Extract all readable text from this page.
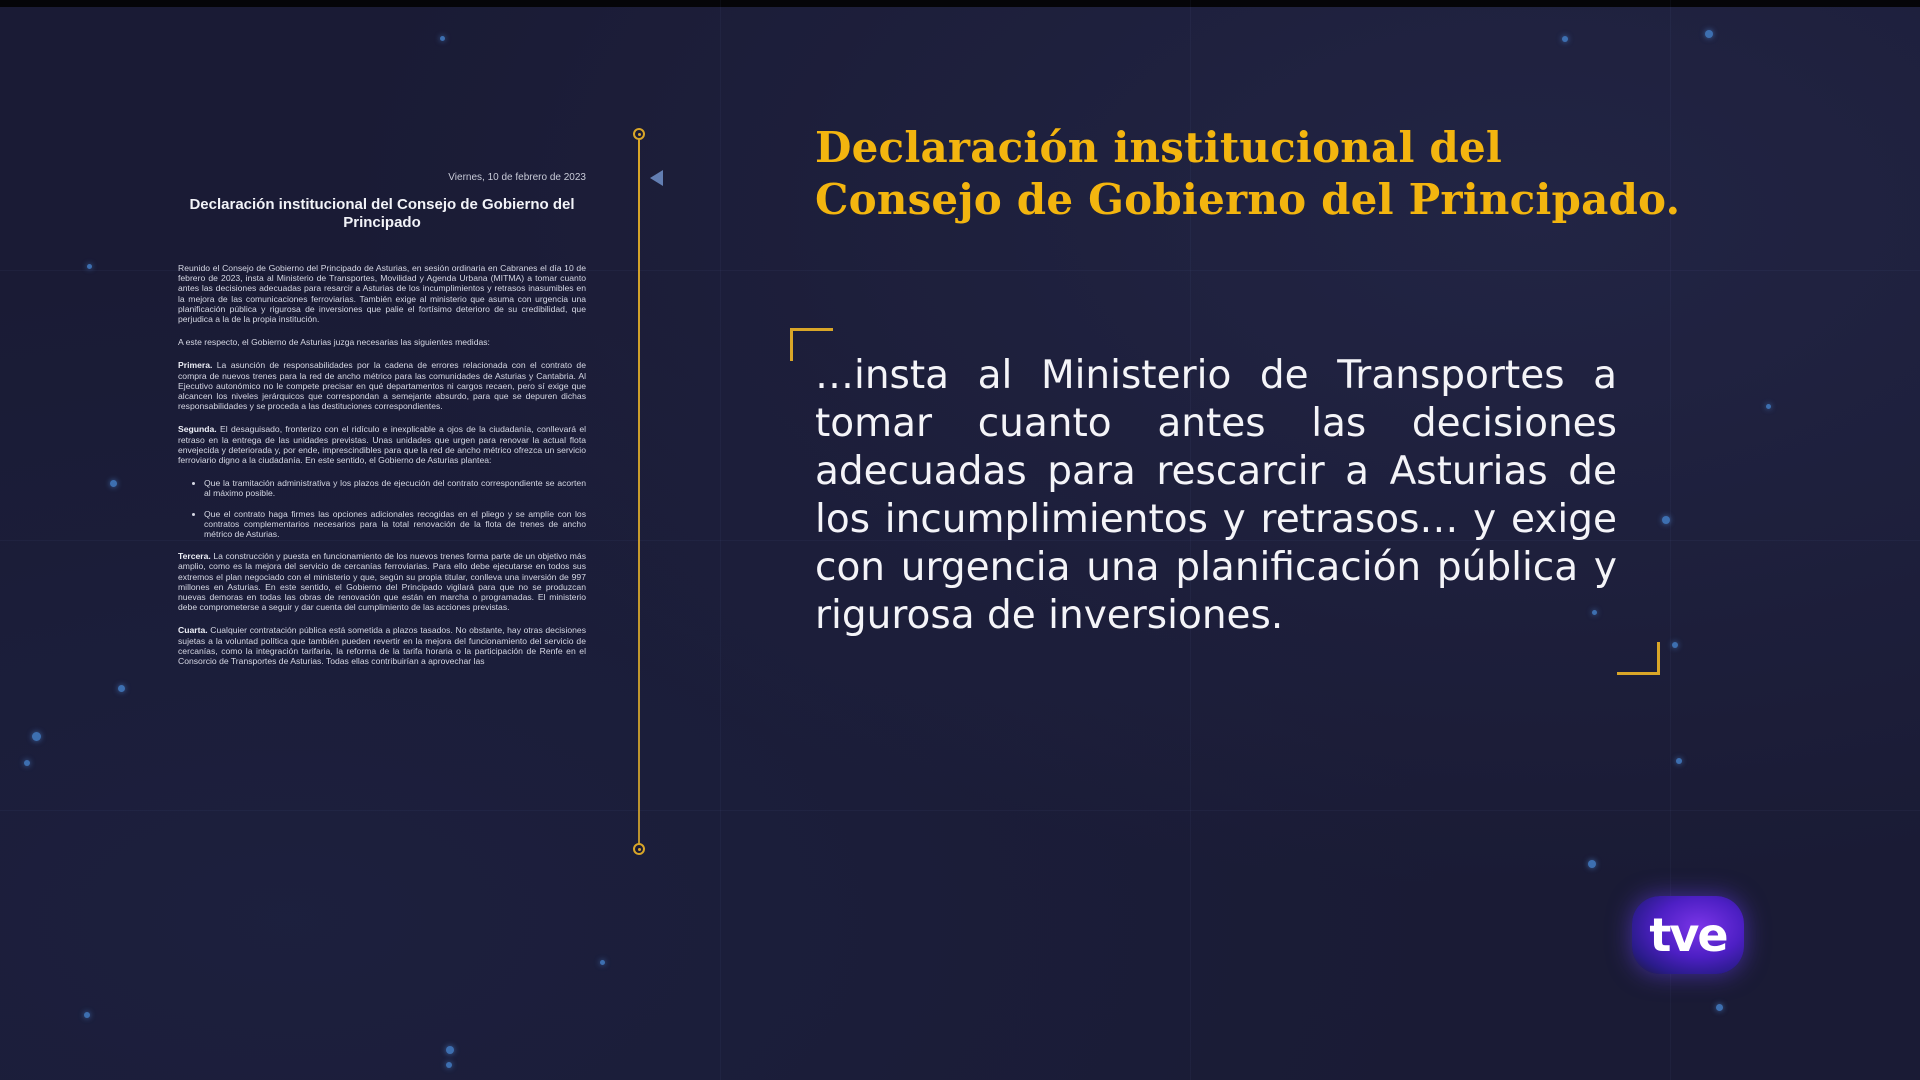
Viernes, 10 de febrero de 2023
Declaración institucional del Consejo de Gobierno del Principado

Reunido el Consejo de Gobierno del Principado de Asturias, en sesión ordinaria en Cabranes el día 10 de febrero de 2023, insta al Ministerio de Transportes, Movilidad y Agenda Urbana (MITMA) a tomar cuanto antes las decisiones adecuadas para resarcir a Asturias de los incumplimientos y retrasos inasumibles en la mejora de las comunicaciones ferroviarias. También exige al ministerio que asuma con urgencia una planificación pública y rigurosa de inversiones que palie el fortísimo deterioro de su credibilidad, que perjudica a la de la propia institución.

A este respecto, el Gobierno de Asturias juzga necesarias las siguientes medidas:

Primera. La asunción de responsabilidades por la cadena de errores relacionada con el contrato de compra de nuevos trenes para la red de ancho métrico para las comunidades de Asturias y Cantabria. Al Ejecutivo autonómico no le compete precisar en qué departamentos ni cargos recaen, pero sí exige que alcancen los niveles jerárquicos que correspondan a semejante absurdo, para que se depuren dichas responsabilidades y se proceda a las destituciones correspondientes.

Segunda. El desaguisado, fronterizo con el ridículo e inexplicable a ojos de la ciudadanía, conllevará el retraso en la entrega de las unidades previstas. Unas unidades que urgen para renovar la actual flota envejecida y deteriorada y, por ende, imprescindibles para que la red de ancho métrico ofrezca un servicio ferroviario digno a la ciudadanía. En este sentido, el Gobierno de Asturias plantea:

• Que la tramitación administrativa y los plazos de ejecución del contrato correspondiente se acorten al máximo posible.
• Que el contrato haga firmes las opciones adicionales recogidas en el pliego y se amplíe con los contratos complementarios necesarios para la total renovación de la flota de trenes de ancho métrico de Asturias.

Tercera. La construcción y puesta en funcionamiento de los nuevos trenes forma parte de un objetivo más amplio, como es la mejora del servicio de cercanías ferroviarias. Para ello debe ejecutarse en todos sus extremos el plan negociado con el ministerio y que, según su propia titular, conlleva una inversión de 997 millones en Asturias. En este sentido, el Gobierno del Principado vigilará para que no se produzcan nuevas demoras en todas las obras de renovación que están en marcha o programadas. El ministerio debe comprometerse a seguir y dar cuenta del cumplimiento de las acciones previstas.

Cuarta. Cualquier contratación pública está sometida a plazos tasados. No obstante, hay otras decisiones sujetas a la voluntad política que también pueden revertir en la mejora del funcionamiento del servicio de cercanías, como la integración tarifaria, la reforma de la tarifa horaria o la participación de Renfe en el Consorcio de Transportes de Asturias. Todas ellas contribuirían a aprovechar las

Declaración institucional del
Consejo de Gobierno del Principado.
…insta al Ministerio de Transportes a tomar cuanto antes las decisiones adecuadas para rescarcir a Asturias de los incumplimientos y retrasos… y exige con urgencia una planificación pública y rigurosa de inversiones.
tve
